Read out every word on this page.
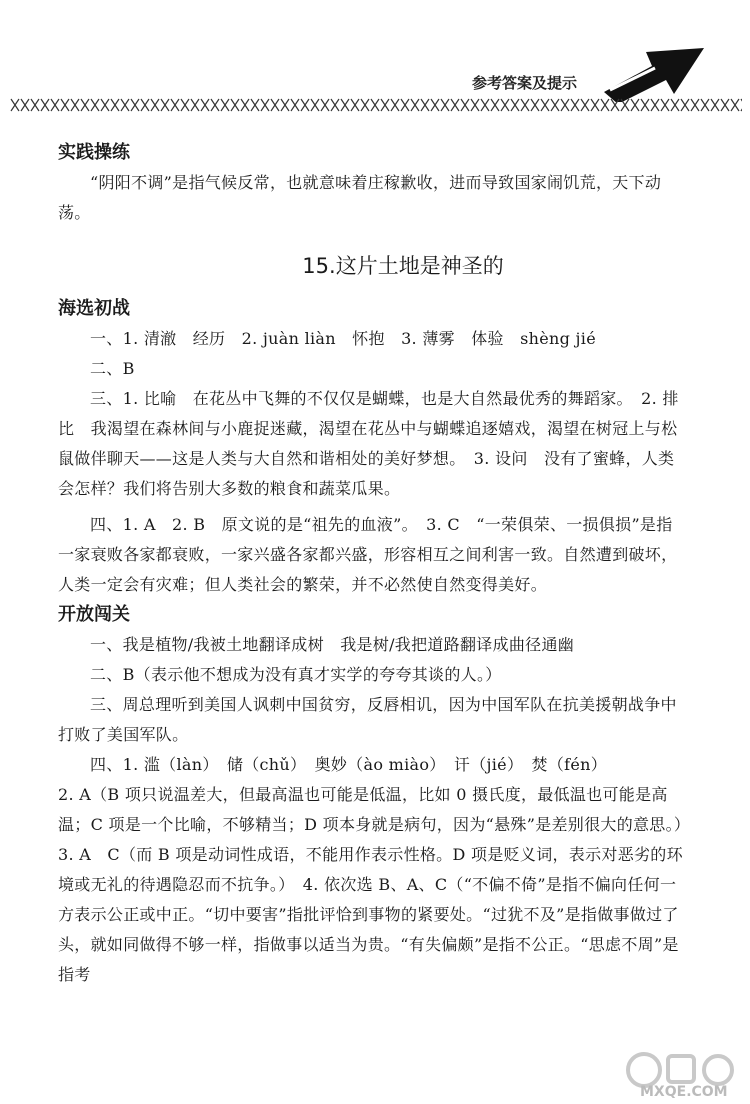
参考答案及提示

实践操练

“阴阳不调”是指气候反常，也就意味着庄稼歉收，进而导致国家闹饥荒，天下动荡。

15.这片土地是神圣的

海选初战

一、1. 清澈　经历　2. juàn liàn　怀抱　3. 薄雾　体验　shèng jié

二、B

三、1. 比喻　在花丛中飞舞的不仅仅是蝴蝶，也是大自然最优秀的舞蹈家。　2. 排比　我渴望在森林间与小鹿捉迷藏，渴望在花丛中与蝴蝶追逐嬉戏，渴望在树冠上与松鼠做伴聊天——这是人类与大自然和谐相处的美好梦想。　3. 设问　没有了蜜蜂，人类会怎样？我们将告别大多数的粮食和蔬菜瓜果。

四、1. A　2. B　原文说的是“祖先的血液”。　3. C　“一荣俱荣、一损俱损”是指一家衰败各家都衰败，一家兴盛各家都兴盛，形容相互之间利害一致。自然遭到破坏，人类一定会有灾难；但人类社会的繁荣，并不必然使自然变得美好。

开放闯关

一、我是植物/我被土地翻译成树　我是树/我把道路翻译成曲径通幽

二、B（表示他不想成为没有真才实学的夸夸其谈的人。）

三、周总理听到美国人讽刺中国贫穷，反唇相讥，因为中国军队在抗美援朝战争中打败了美国军队。

四、1. 滥（làn）　储（chǔ）　奥妙（ào miào）　讦（jié）　焚（fén）

2. A（B 项只说温差大，但最高温也可能是低温，比如 0 摄氏度，最低温也可能是高温；C 项是一个比喻，不够精当；D 项本身就是病句，因为“悬殊”是差别很大的意思。）　3. A　C（而 B 项是动词性成语，不能用作表示性格。D 项是贬义词，表示对恶劣的环境或无礼的待遇隐忍而不抗争。）　4. 依次选 B、A、C（“不偏不倚”是指不偏向任何一方表示公正或中正。“切中要害”指批评恰到事物的紧要处。“过犹不及”是指做事做过了头，就如同做得不够一样，指做事以适当为贵。“有失偏颇”是指不公正。“思虑不周”是指考

MXQE.COM
